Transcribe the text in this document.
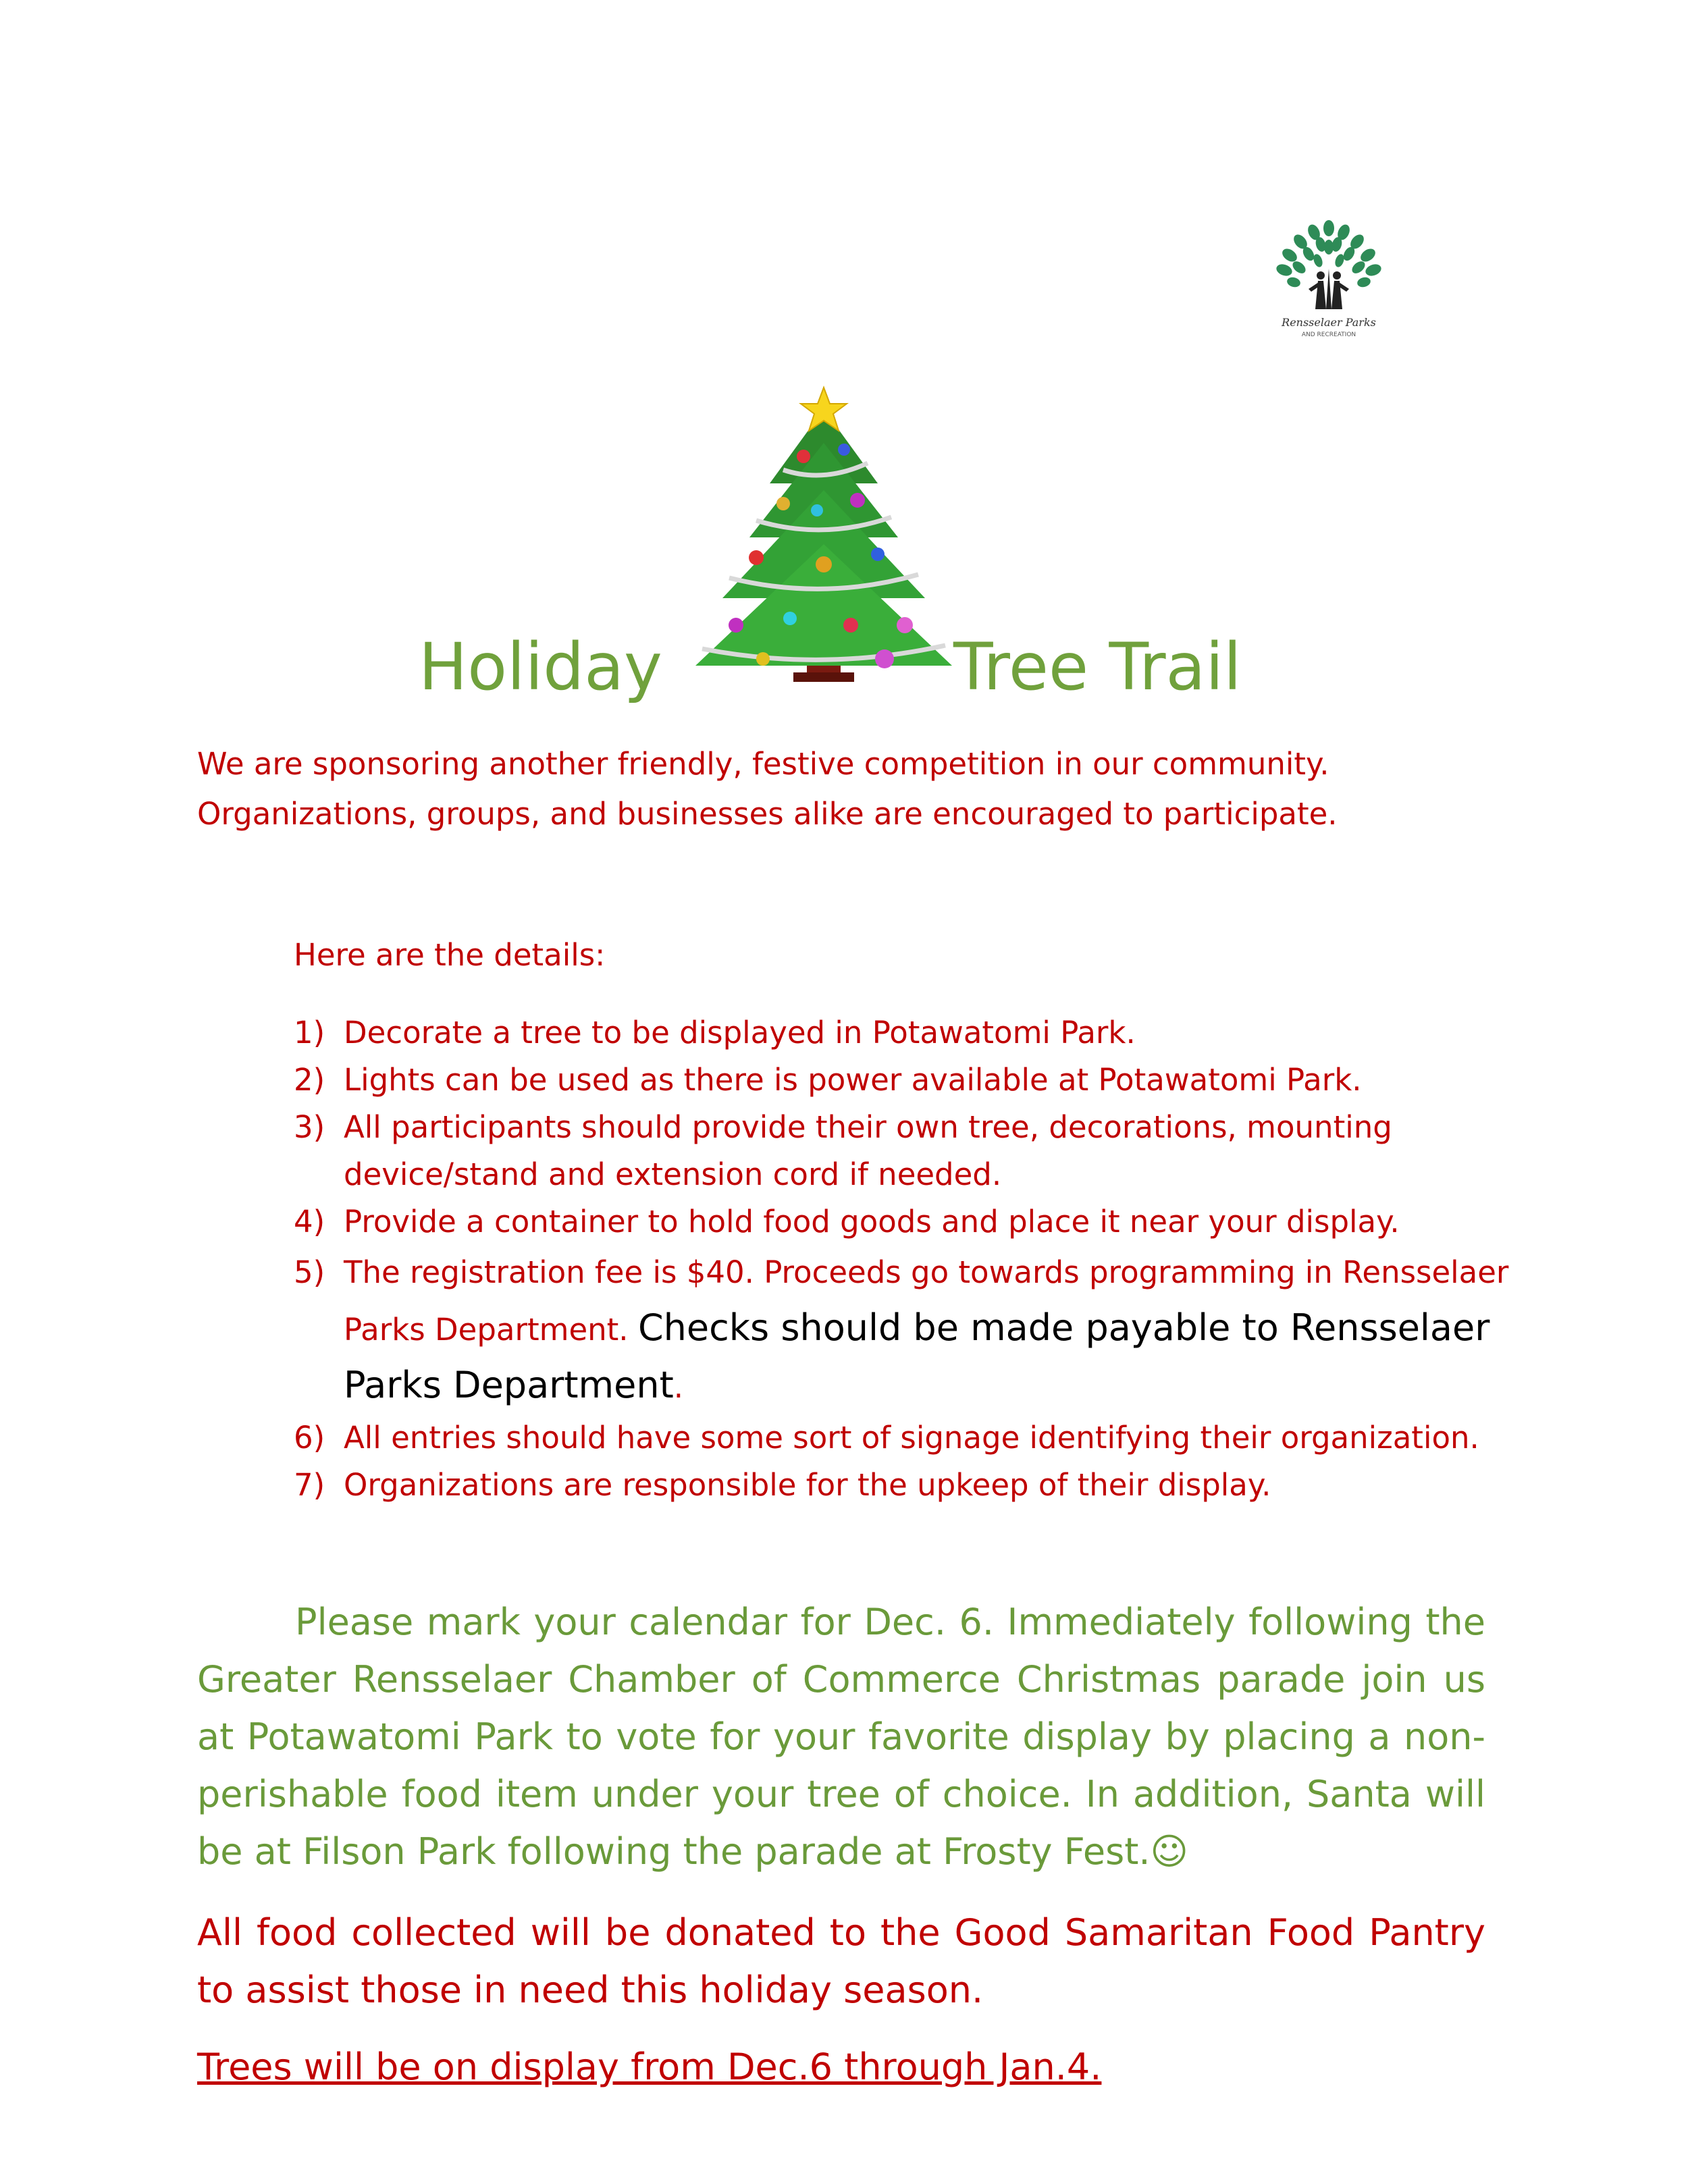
Rensselaer Parks
AND RECREATION
Holiday	Tree Trail
We are sponsoring another friendly, festive competition in our community.
Organizations, groups, and businesses alike are encouraged to participate.
Here are the details:
1) Decorate a tree to be displayed in Potawatomi Park.
2) Lights can be used as there is power available at Potawatomi Park.
3) All participants should provide their own tree, decorations, mounting device/stand and extension cord if needed.
4) Provide a container to hold food goods and place it near your display.
5) The registration fee is $40. Proceeds go towards programming in Rensselaer Parks Department. Checks should be made payable to Rensselaer Parks Department.
6) All entries should have some sort of signage identifying their organization.
7) Organizations are responsible for the upkeep of their display.
Please mark your calendar for Dec. 6. Immediately following the Greater Rensselaer Chamber of Commerce Christmas parade join us at Potawatomi Park to vote for your favorite display by placing a non-perishable food item under your tree of choice. In addition, Santa will be at Filson Park following the parade at Frosty Fest.☺
All food collected will be donated to the Good Samaritan Food Pantry to assist those in need this holiday season.
Trees will be on display from Dec.6 through Jan.4.
